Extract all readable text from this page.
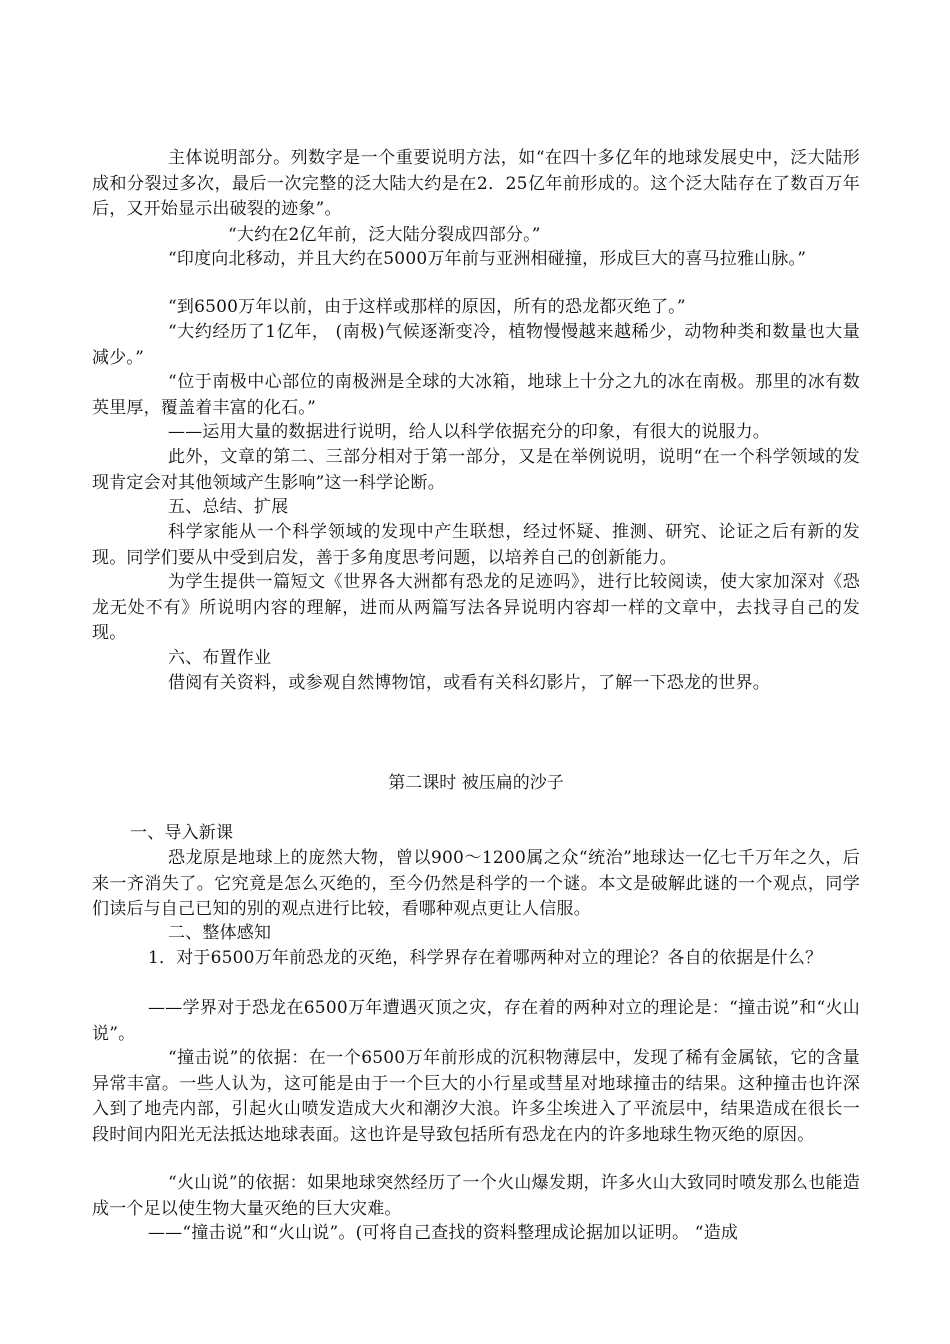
主体说明部分。列数字是一个重要说明方法，如“在四十多亿年的地球发展史中，泛大陆形成和分裂过多次，最后一次完整的泛大陆大约是在2．25亿年前形成的。这个泛大陆存在了数百万年后，又开始显示出破裂的迹象”。

“大约在2亿年前，泛大陆分裂成四部分。”

“印度向北移动，并且大约在5000万年前与亚洲相碰撞，形成巨大的喜马拉雅山脉。”

“到6500万年以前，由于这样或那样的原因，所有的恐龙都灭绝了。”

“大约经历了1亿年， (南极)气候逐渐变冷，植物慢慢越来越稀少，动物种类和数量也大量减少。”

“位于南极中心部位的南极洲是全球的大冰箱，地球上十分之九的冰在南极。那里的冰有数英里厚，覆盖着丰富的化石。”

——运用大量的数据进行说明，给人以科学依据充分的印象，有很大的说服力。

此外，文章的第二、三部分相对于第一部分，又是在举例说明，说明“在一个科学领域的发现肯定会对其他领域产生影响”这一科学论断。

五、总结、扩展

科学家能从一个科学领域的发现中产生联想，经过怀疑、推测、研究、论证之后有新的发现。同学们要从中受到启发，善于多角度思考问题，以培养自己的创新能力。

为学生提供一篇短文《世界各大洲都有恐龙的足迹吗》，进行比较阅读，使大家加深对《恐龙无处不有》所说明内容的理解，进而从两篇写法各异说明内容却一样的文章中，去找寻自己的发现。

六、布置作业

借阅有关资料，或参观自然博物馆，或看有关科幻影片，了解一下恐龙的世界。

第二课时 被压扁的沙子

一、导入新课

恐龙原是地球上的庞然大物，曾以900～1200属之众“统治”地球达一亿七千万年之久，后来一齐消失了。它究竟是怎么灭绝的，至今仍然是科学的一个谜。本文是破解此谜的一个观点，同学们读后与自己已知的别的观点进行比较，看哪种观点更让人信服。

二、整体感知

1．对于6500万年前恐龙的灭绝，科学界存在着哪两种对立的理论？各自的依据是什么？

——学界对于恐龙在6500万年遭遇灭顶之灾，存在着的两种对立的理论是：“撞击说”和“火山说”。

“撞击说”的依据：在一个6500万年前形成的沉积物薄层中，发现了稀有金属铱，它的含量异常丰富。一些人认为，这可能是由于一个巨大的小行星或彗星对地球撞击的结果。这种撞击也许深入到了地壳内部，引起火山喷发造成大火和潮汐大浪。许多尘埃进入了平流层中，结果造成在很长一段时间内阳光无法抵达地球表面。这也许是导致包括所有恐龙在内的许多地球生物灭绝的原因。

“火山说”的依据：如果地球突然经历了一个火山爆发期，许多火山大致同时喷发那么也能造成一个足以使生物大量灭绝的巨大灾难。

——“撞击说”和“火山说”。(可将自己查找的资料整理成论据加以证明。 “造成
